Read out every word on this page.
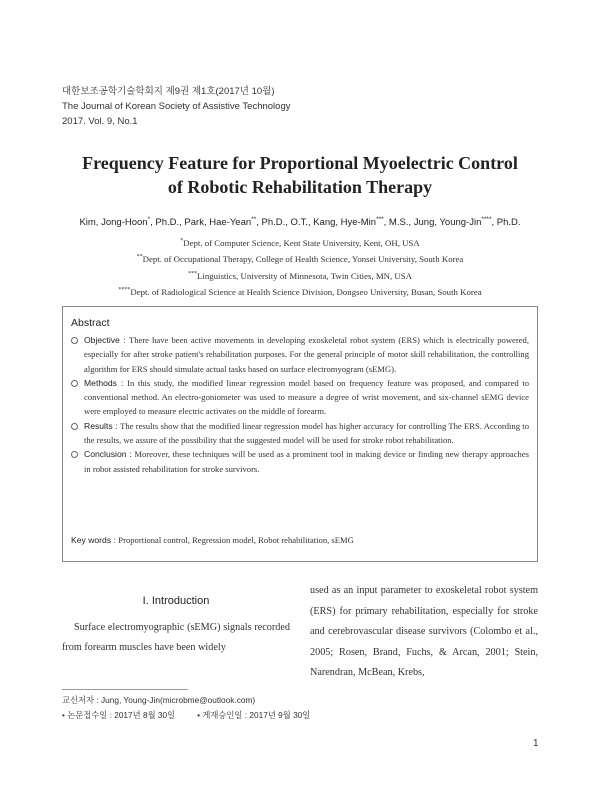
대한보조공학기술학회지 제9권 제1호(2017년 10월)
The Journal of Korean Society of Assistive Technology
2017. Vol. 9, No.1
Frequency Feature for Proportional Myoelectric Control
of Robotic Rehabilitation Therapy
Kim, Jong-Hoon*, Ph.D., Park, Hae-Yean**, Ph.D., O.T., Kang, Hye-Min***, M.S., Jung, Young-Jin****, Ph.D.
*Dept. of Computer Science, Kent State University, Kent, OH, USA
**Dept. of Occupational Therapy, College of Health Science, Yonsei University, South Korea
***Linguistics, University of Minnesota, Twin Cities, MN, USA
****Dept. of Radiological Science at Health Science Division, Dongseo University, Busan, South Korea
Abstract
Objective : There have been active movements in developing exoskeletal robot system (ERS) which is electrically powered, especially for after stroke patient's rehabilitation purposes. For the general principle of motor skill rehabilitation, the controlling algorithm for ERS should simulate actual tasks based on surface electromyogram (sEMG).
Methods : In this study, the modified linear regression model based on frequency feature was proposed, and compared to conventional method. An electro-goniometer was used to measure a degree of wrist movement, and six-channel sEMG device were employed to measure electric activates on the middle of forearm.
Results : The results show that the modified linear regression model has higher accuracy for controlling The ERS. According to the results, we assure of the possibility that the suggested model will be used for stroke robot rehabilitation.
Conclusion : Moreover, these techniques will be used as a prominent tool in making device or finding new therapy approaches in robot assisted rehabilitation for stroke survivors.
Key words : Proportional control, Regression model, Robot rehabilitation, sEMG
I. Introduction
Surface electromyographic (sEMG) signals recorded from forearm muscles have been widely
used as an input parameter to exoskeletal robot system (ERS) for primary rehabilitation, especially for stroke and cerebrovascular disease survivors (Colombo et al., 2005; Rosen, Brand, Fuchs, & Arcan, 2001; Stein, Narendran, McBean, Krebs,
교신저자 : Jung, Young-Jin(microbme@outlook.com)
• 논문접수일 : 2017년 8월 30일	• 게재승인일 : 2017년 9월 30일
1
